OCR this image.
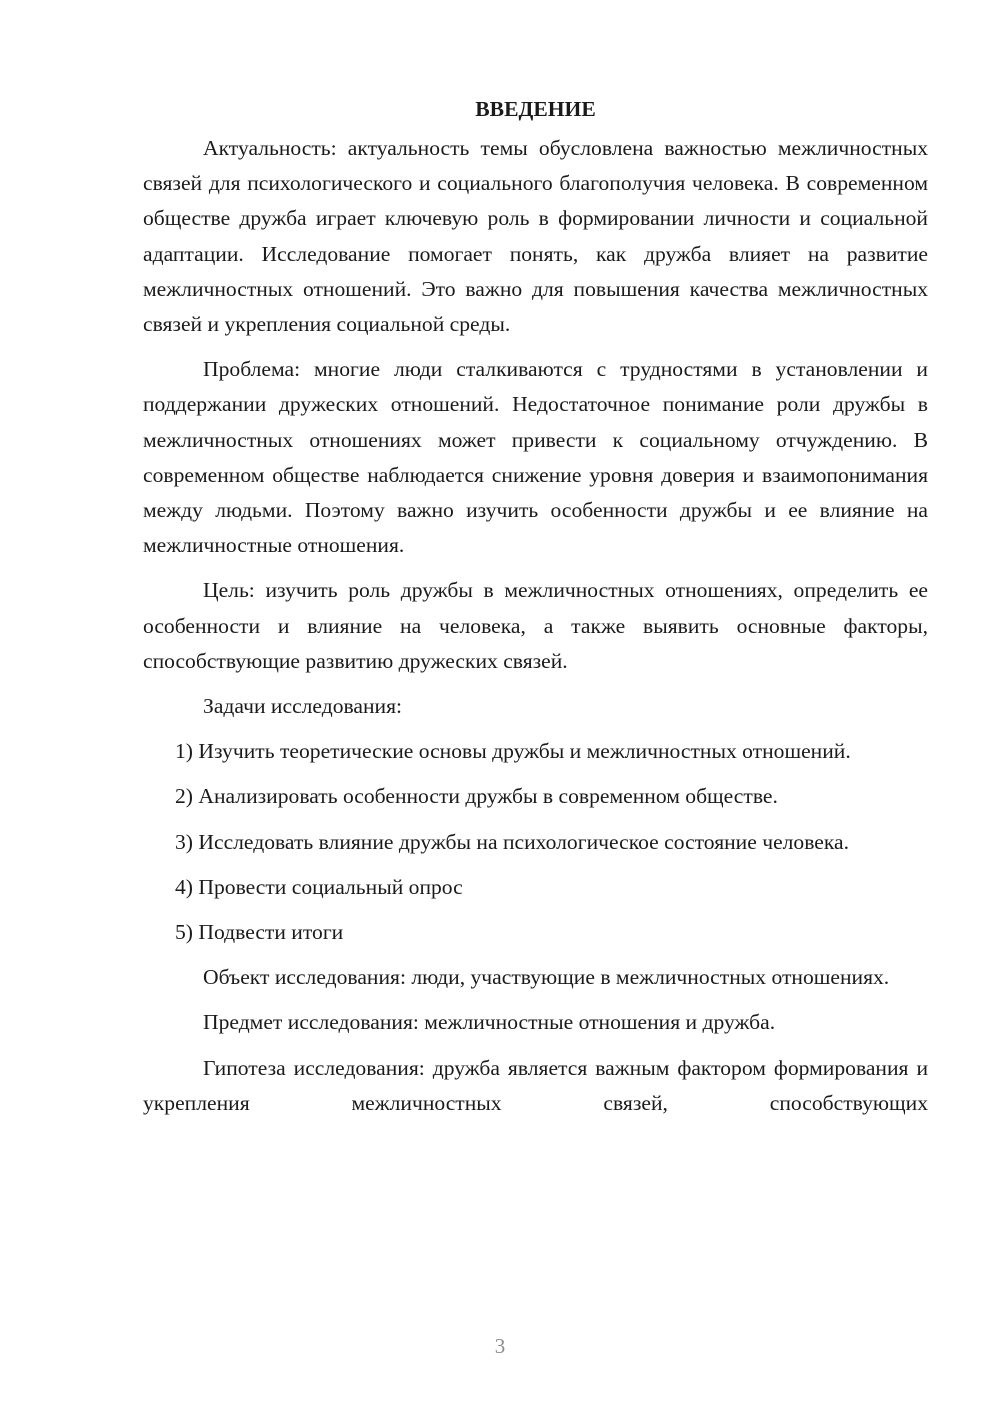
ВВЕДЕНИЕ

Актуальность: актуальность темы обусловлена важностью межличностных связей для психологического и социального благополучия человека. В современном обществе дружба играет ключевую роль в формировании личности и социальной адаптации. Исследование помогает понять, как дружба влияет на развитие межличностных отношений. Это важно для повышения качества межличностных связей и укрепления социальной среды.

Проблема: многие люди сталкиваются с трудностями в установлении и поддержании дружеских отношений. Недостаточное понимание роли дружбы в межличностных отношениях может привести к социальному отчуждению. В современном обществе наблюдается снижение уровня доверия и взаимопонимания между людьми. Поэтому важно изучить особенности дружбы и ее влияние на межличностные отношения.

Цель: изучить роль дружбы в межличностных отношениях, определить ее особенности и влияние на человека, а также выявить основные факторы, способствующие развитию дружеских связей.

Задачи исследования:

1) Изучить теоретические основы дружбы и межличностных отношений.

2) Анализировать особенности дружбы в современном обществе.

3) Исследовать влияние дружбы на психологическое состояние человека.

4) Провести социальный опрос

5) Подвести итоги

Объект исследования: люди, участвующие в межличностных отношениях.

Предмет исследования: межличностные отношения и дружба.

Гипотеза исследования: дружба является важным фактором формирования и укрепления межличностных связей, способствующих

3
